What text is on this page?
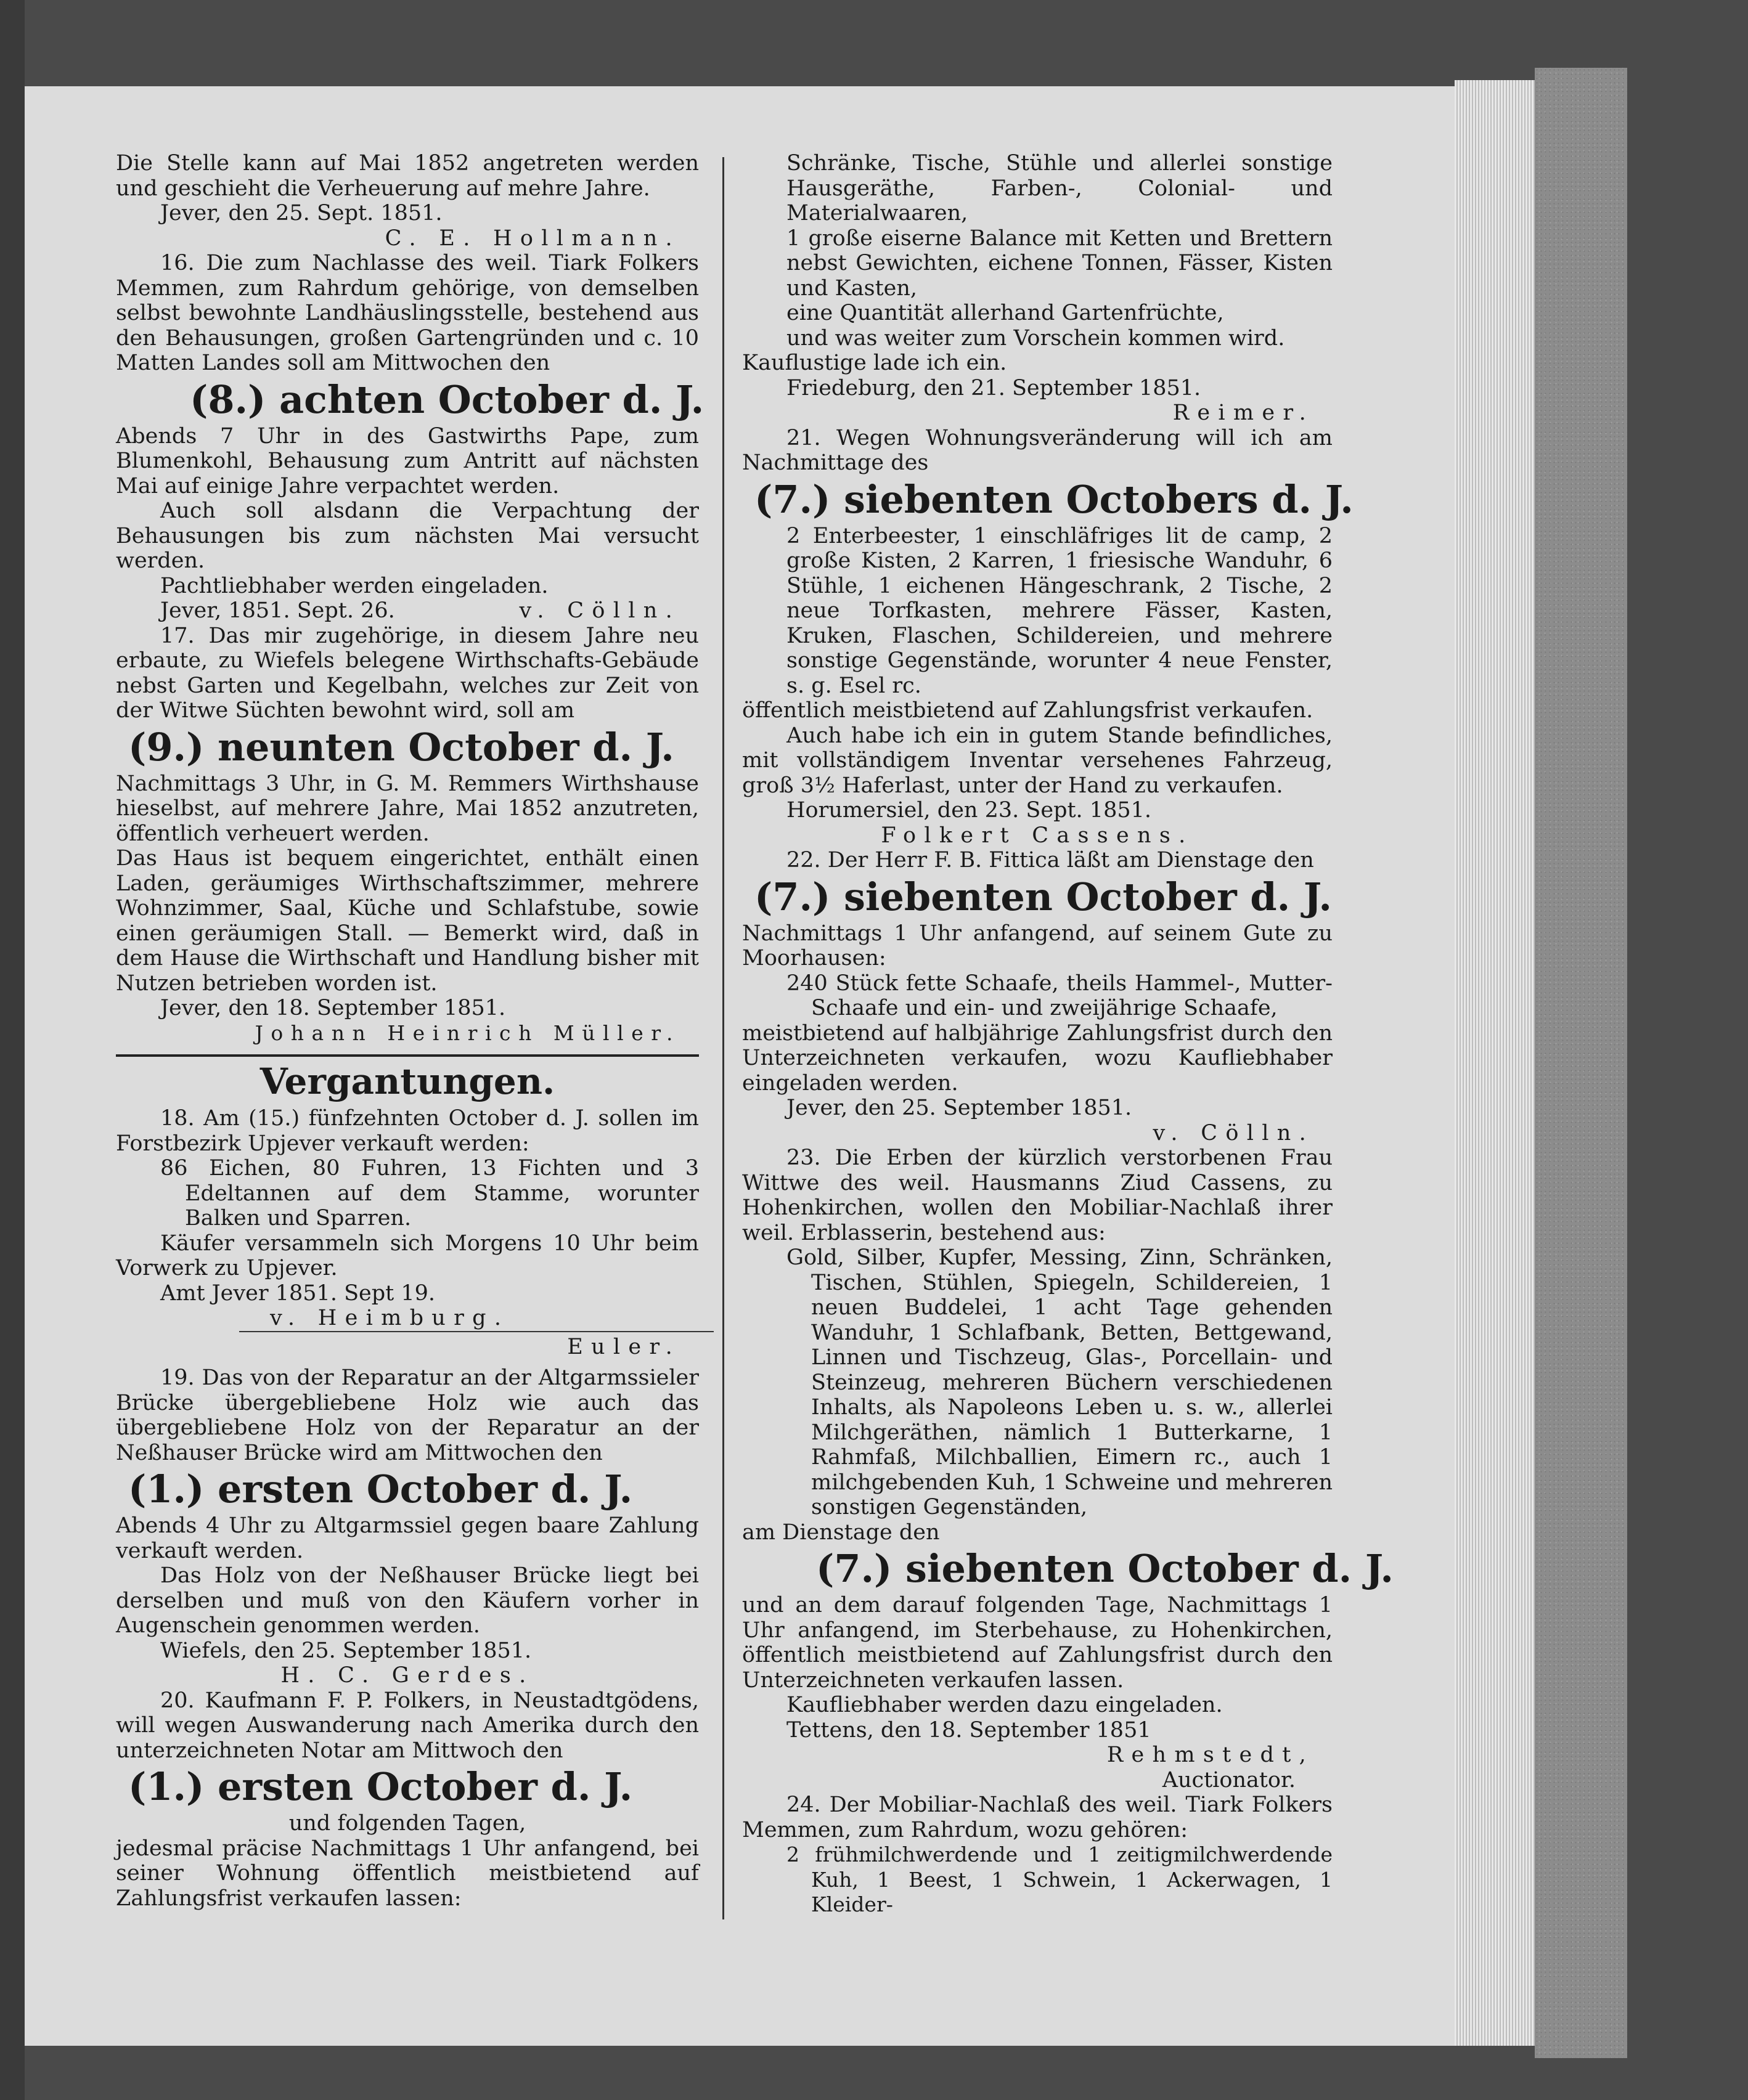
Die Stelle kann auf Mai 1852 angetreten werden und geschieht die Verheuerung auf mehre Jahre.

Jever, den 25. Sept. 1851.

C. E. Hollmann.

16. Die zum Nachlasse des weil. Tiark Folkers Memmen, zum Rahrdum gehörige, von demselben selbst bewohnte Landhäuslingsstelle, bestehend aus den Behausungen, großen Gartengründen und c. 10 Matten Landes soll am Mittwochen den

(8.) achten October d. J.

Abends 7 Uhr in des Gastwirths Pape, zum Blumenkohl, Behausung zum Antritt auf nächsten Mai auf einige Jahre verpachtet werden.

Auch soll alsdann die Verpachtung der Behausungen bis zum nächsten Mai versucht werden.

Pachtliebhaber werden eingeladen.

Jever, 1851. Sept. 26.	v. Cölln.

17. Das mir zugehörige, in diesem Jahre neu erbaute, zu Wiefels belegene Wirthschafts-Gebäude nebst Garten und Kegelbahn, welches zur Zeit von der Witwe Süchten bewohnt wird, soll am

(9.) neunten October d. J.

Nachmittags 3 Uhr, in G. M. Remmers Wirthshause hieselbst, auf mehrere Jahre, Mai 1852 anzutreten, öffentlich verheuert werden.

Das Haus ist bequem eingerichtet, enthält einen Laden, geräumiges Wirthschaftszimmer, mehrere Wohnzimmer, Saal, Küche und Schlafstube, sowie einen geräumigen Stall. — Bemerkt wird, daß in dem Hause die Wirthschaft und Handlung bisher mit Nutzen betrieben worden ist.

Jever, den 18. September 1851.

Johann Heinrich Müller.

Vergantungen.

18. Am (15.) fünfzehnten October d. J. sollen im Forstbezirk Upjever verkauft werden:

86 Eichen, 80 Fuhren, 13 Fichten und 3 Edeltannen auf dem Stamme, worunter Balken und Sparren.

Käufer versammeln sich Morgens 10 Uhr beim Vorwerk zu Upjever.

Amt Jever 1851. Sept 19.

v. Heimburg.

Euler.

19. Das von der Reparatur an der Altgarmssieler Brücke übergebliebene Holz wie auch das übergebliebene Holz von der Reparatur an der Neßhauser Brücke wird am Mittwochen den

(1.) ersten October d. J.

Abends 4 Uhr zu Altgarmssiel gegen baare Zahlung verkauft werden.

Das Holz von der Neßhauser Brücke liegt bei derselben und muß von den Käufern vorher in Augenschein genommen werden.

Wiefels, den 25. September 1851.

H. C. Gerdes.

20. Kaufmann F. P. Folkers, in Neustadtgödens, will wegen Auswanderung nach Amerika durch den unterzeichneten Notar am Mittwoch den

(1.) ersten October d. J.

und folgenden Tagen,

jedesmal präcise Nachmittags 1 Uhr anfangend, bei seiner Wohnung öffentlich meistbietend auf Zahlungsfrist verkaufen lassen:

Schränke, Tische, Stühle und allerlei sonstige Hausgeräthe, Farben-, Colonial- und Materialwaaren,

1 große eiserne Balance mit Ketten und Brettern nebst Gewichten, eichene Tonnen, Fässer, Kisten und Kasten,

eine Quantität allerhand Gartenfrüchte,

und was weiter zum Vorschein kommen wird.

Kauflustige lade ich ein.

Friedeburg, den 21. September 1851.

Reimer.

21. Wegen Wohnungsveränderung will ich am Nachmittage des

(7.) siebenten Octobers d. J.

2 Enterbeester, 1 einschläfriges lit de camp, 2 große Kisten, 2 Karren, 1 friesische Wanduhr, 6 Stühle, 1 eichenen Hängeschrank, 2 Tische, 2 neue Torfkasten, mehrere Fässer, Kasten, Kruken, Flaschen, Schildereien, und mehrere sonstige Gegenstände, worunter 4 neue Fenster, s. g. Esel rc.

öffentlich meistbietend auf Zahlungsfrist verkaufen.

Auch habe ich ein in gutem Stande befindliches, mit vollständigem Inventar versehenes Fahrzeug, groß 3½ Haferlast, unter der Hand zu verkaufen.

Horumersiel, den 23. Sept. 1851.

Folkert Cassens.

22. Der Herr F. B. Fittica läßt am Dienstage den

(7.) siebenten October d. J.

Nachmittags 1 Uhr anfangend, auf seinem Gute zu Moorhausen:

240 Stück fette Schaafe, theils Hammel-, Mutter-Schaafe und ein- und zweijährige Schaafe,

meistbietend auf halbjährige Zahlungsfrist durch den Unterzeichneten verkaufen, wozu Kaufliebhaber eingeladen werden.

Jever, den 25. September 1851.

v. Cölln.

23. Die Erben der kürzlich verstorbenen Frau Wittwe des weil. Hausmanns Ziud Cassens, zu Hohenkirchen, wollen den Mobiliar-Nachlaß ihrer weil. Erblasserin, bestehend aus:

Gold, Silber, Kupfer, Messing, Zinn, Schränken, Tischen, Stühlen, Spiegeln, Schildereien, 1 neuen Buddelei, 1 acht Tage gehenden Wanduhr, 1 Schlafbank, Betten, Bettgewand, Linnen und Tischzeug, Glas-, Porcellain- und Steinzeug, mehreren Büchern verschiedenen Inhalts, als Napoleons Leben u. s. w., allerlei Milchgeräthen, nämlich 1 Butterkarne, 1 Rahmfaß, Milchballien, Eimern rc., auch 1 milchgebenden Kuh, 1 Schweine und mehreren sonstigen Gegenständen,

am Dienstage den

(7.) siebenten October d. J.

und an dem darauf folgenden Tage, Nachmittags 1 Uhr anfangend, im Sterbehause, zu Hohenkirchen, öffentlich meistbietend auf Zahlungsfrist durch den Unterzeichneten verkaufen lassen.

Kaufliebhaber werden dazu eingeladen.

Tettens, den 18. September 1851

Rehmstedt,

Auctionator.

24. Der Mobiliar-Nachlaß des weil. Tiark Folkers Memmen, zum Rahrdum, wozu gehören:

2 frühmilchwerdende und 1 zeitigmilchwerdende Kuh, 1 Beest, 1 Schwein, 1 Ackerwagen, 1 Kleider-
